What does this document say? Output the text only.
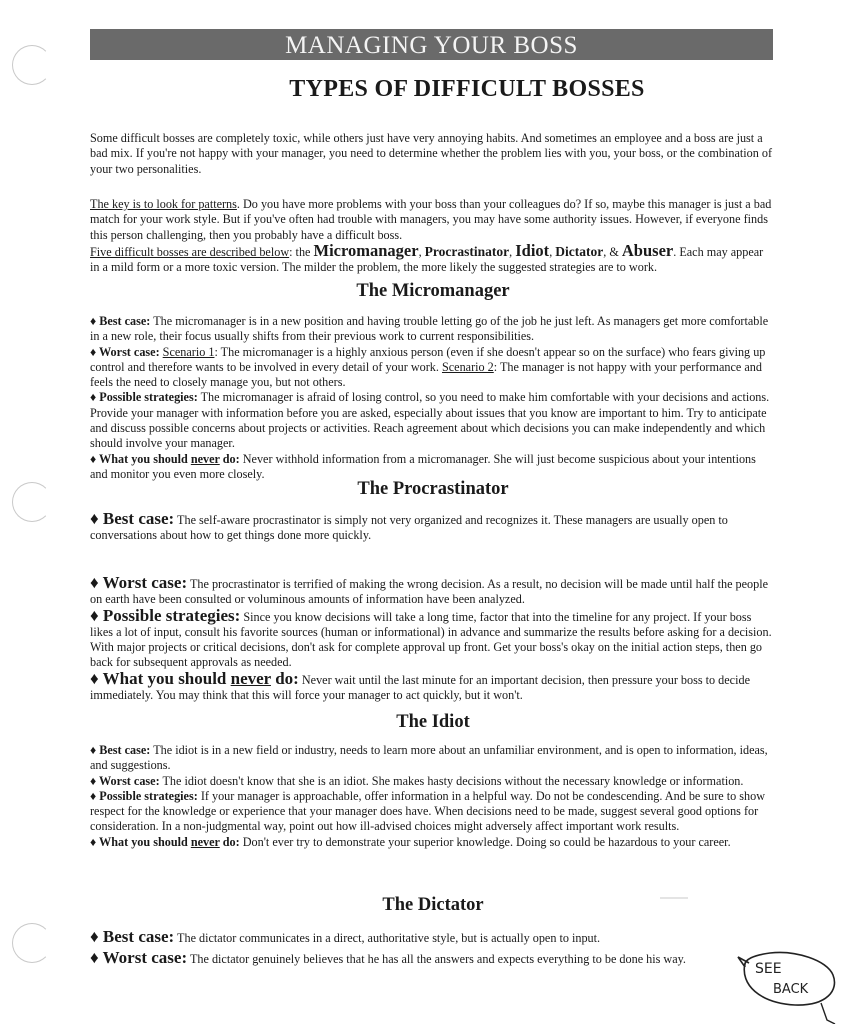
MANAGING YOUR BOSS
TYPES OF DIFFICULT BOSSES

Some difficult bosses are completely toxic, while others just have very annoying habits. And sometimes an employee and a boss are just a bad mix. If you're not happy with your manager, you need to determine whether the problem lies with you, your boss, or the combination of your two personalities.

The key is to look for patterns. Do you have more problems with your boss than your colleagues do? If so, maybe this manager is just a bad match for your work style. But if you've often had trouble with managers, you may have some authority issues. However, if everyone finds this person challenging, then you probably have a difficult boss.

Five difficult bosses are described below: the Micromanager, Procrastinator, Idiot, Dictator, & Abuser. Each may appear in a mild form or a more toxic version. The milder the problem, the more likely the suggested strategies are to work.

The Micromanager

♦ Best case: The micromanager is in a new position and having trouble letting go of the job he just left. As managers get more comfortable in a new role, their focus usually shifts from their previous work to current responsibilities.

♦ Worst case: Scenario 1: The micromanager is a highly anxious person (even if she doesn't appear so on the surface) who fears giving up control and therefore wants to be involved in every detail of your work. Scenario 2: The manager is not happy with your performance and feels the need to closely manage you, but not others.

♦ Possible strategies: The micromanager is afraid of losing control, so you need to make him comfortable with your decisions and actions. Provide your manager with information before you are asked, especially about issues that you know are important to him. Try to anticipate and discuss possible concerns about projects or activities. Reach agreement about which decisions you can make independently and which should involve your manager.

♦ What you should never do: Never withhold information from a micromanager. She will just become suspicious about your intentions and monitor you even more closely.

The Procrastinator

♦ Best case: The self-aware procrastinator is simply not very organized and recognizes it. These managers are usually open to conversations about how to get things done more quickly.

♦ Worst case: The procrastinator is terrified of making the wrong decision. As a result, no decision will be made until half the people on earth have been consulted or voluminous amounts of information have been analyzed.

♦ Possible strategies: Since you know decisions will take a long time, factor that into the timeline for any project. If your boss likes a lot of input, consult his favorite sources (human or informational) in advance and summarize the results before asking for a decision. With major projects or critical decisions, don't ask for complete approval up front. Get your boss's okay on the initial action steps, then go back for subsequent approvals as needed.

♦ What you should never do: Never wait until the last minute for an important decision, then pressure your boss to decide immediately. You may think that this will force your manager to act quickly, but it won't.

The Idiot

♦ Best case: The idiot is in a new field or industry, needs to learn more about an unfamiliar environment, and is open to information, ideas, and suggestions.

♦ Worst case: The idiot doesn't know that she is an idiot. She makes hasty decisions without the necessary knowledge or information.

♦ Possible strategies: If your manager is approachable, offer information in a helpful way. Do not be condescending. And be sure to show respect for the knowledge or experience that your manager does have. When decisions need to be made, suggest several good options for consideration. In a non-judgmental way, point out how ill-advised choices might adversely affect important work results.

♦ What you should never do: Don't ever try to demonstrate your superior knowledge. Doing so could be hazardous to your career.

The Dictator

♦ Best case: The dictator communicates in a direct, authoritative style, but is actually open to input.

♦ Worst case: The dictator genuinely believes that he has all the answers and expects everything to be done his way.

SEE
BACK
